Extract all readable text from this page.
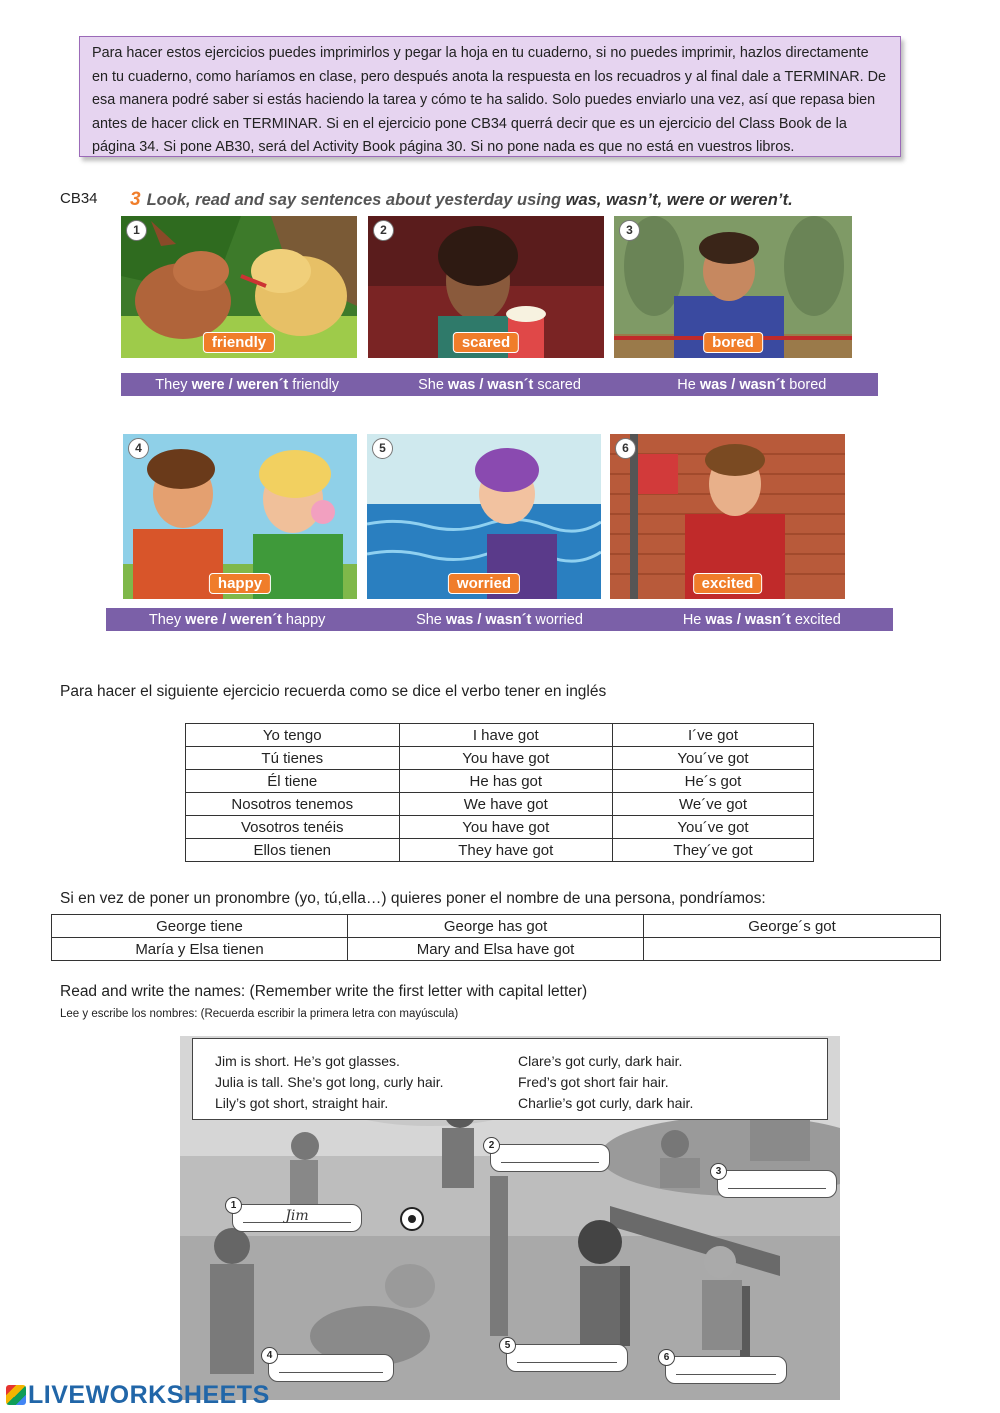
Para hacer estos ejercicios puedes imprimirlos y pegar la hoja en tu cuaderno, si no puedes imprimir, hazlos directamente en tu cuaderno, como haríamos en clase, pero después anota la respuesta en los recuadros y al final dale a TERMINAR. De esa manera podré saber si estás haciendo la tarea y cómo te ha salido. Solo puedes enviarlo una vez, así que repasa bien antes de hacer click en TERMINAR. Si en el ejercicio pone CB34 querrá decir que es un ejercicio del Class Book de la página 34. Si pone AB30, será del Activity Book página 30. Si no pone nada es que no está en vuestros libros.
CB34 3 Look, read and say sentences about yesterday using was, wasn’t, were or weren’t.
1
friendly
2
scared
3
bored
They were / weren´t friendly	She was / wasn´t scared	He was / wasn´t bored
4
happy
5
worried
6
excited
They were / weren´t happy	She was / wasn´t worried	He was / wasn´t excited
Para hacer el siguiente ejercicio recuerda como se dice el verbo tener en inglés
Yo tengo	I have got	I´ve got
Tú tienes	You have got	You´ve got
Él tiene	He has got	He´s got
Nosotros tenemos	We have got	We´ve got
Vosotros tenéis	You have got	You´ve got
Ellos tienen	They have got	They´ve got
Si en vez de poner un pronombre (yo, tú,ella…) quieres poner el nombre de una persona, pondríamos:
George tiene	George has got	George´s got
María y Elsa tienen	Mary and Elsa have got	
Read and write the names: (Remember write the first letter with capital letter)
Lee y escribe los nombres: (Recuerda escribir la primera letra con mayúscula)
Jim is short. He’s got glasses.
Julia is tall. She’s got long, curly hair.
Lily’s got short, straight hair.
Clare’s got curly, dark hair.
Fred’s got short fair hair.
Charlie’s got curly, dark hair.
1
Jim
2
3
4
5
6
LIVEWORKSHEETS
